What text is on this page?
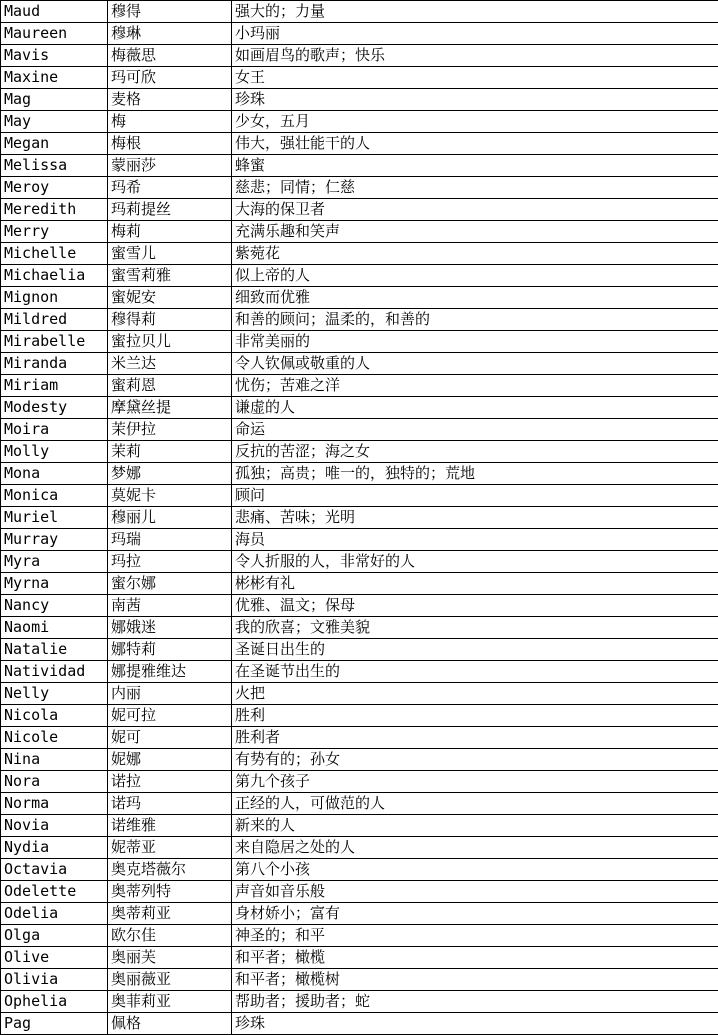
Maud	穆得	强大的；力量
Maureen	穆琳	小玛丽
Mavis	梅薇思	如画眉鸟的歌声；快乐
Maxine	玛可欣	女王
Mag	麦格	珍珠
May	梅	少女，五月
Megan	梅根	伟大，强壮能干的人
Melissa	蒙丽莎	蜂蜜
Meroy	玛希	慈悲；同情；仁慈
Meredith	玛莉提丝	大海的保卫者
Merry	梅莉	充满乐趣和笑声
Michelle	蜜雪儿	紫菀花
Michaelia	蜜雪莉雅	似上帝的人
Mignon	蜜妮安	细致而优雅
Mildred	穆得莉	和善的顾问；温柔的，和善的
Mirabelle	蜜拉贝儿	非常美丽的
Miranda	米兰达	令人钦佩或敬重的人
Miriam	蜜莉恩	忧伤；苦难之洋
Modesty	摩黛丝提	谦虚的人
Moira	茉伊拉	命运
Molly	茉莉	反抗的苦涩；海之女
Mona	梦娜	孤独；高贵；唯一的，独特的；荒地
Monica	莫妮卡	顾问
Muriel	穆丽儿	悲痛、苦味；光明
Murray	玛瑞	海员
Myra	玛拉	令人折服的人，非常好的人
Myrna	蜜尔娜	彬彬有礼
Nancy	南茜	优雅、温文；保母
Naomi	娜娥迷	我的欣喜；文雅美貌
Natalie	娜特莉	圣诞日出生的
Natividad	娜提雅维达	在圣诞节出生的
Nelly	内丽	火把
Nicola	妮可拉	胜利
Nicole	妮可	胜利者
Nina	妮娜	有势有的；孙女
Nora	诺拉	第九个孩子
Norma	诺玛	正经的人，可做范的人
Novia	诺维雅	新来的人
Nydia	妮蒂亚	来自隐居之处的人
Octavia	奥克塔薇尔	第八个小孩
Odelette	奥蒂列特	声音如音乐般
Odelia	奥蒂莉亚	身材娇小；富有
Olga	欧尔佳	神圣的；和平
Olive	奥丽芙	和平者；橄榄
Olivia	奥丽薇亚	和平者；橄榄树
Ophelia	奥菲莉亚	帮助者；援助者；蛇
Pag	佩格	珍珠
